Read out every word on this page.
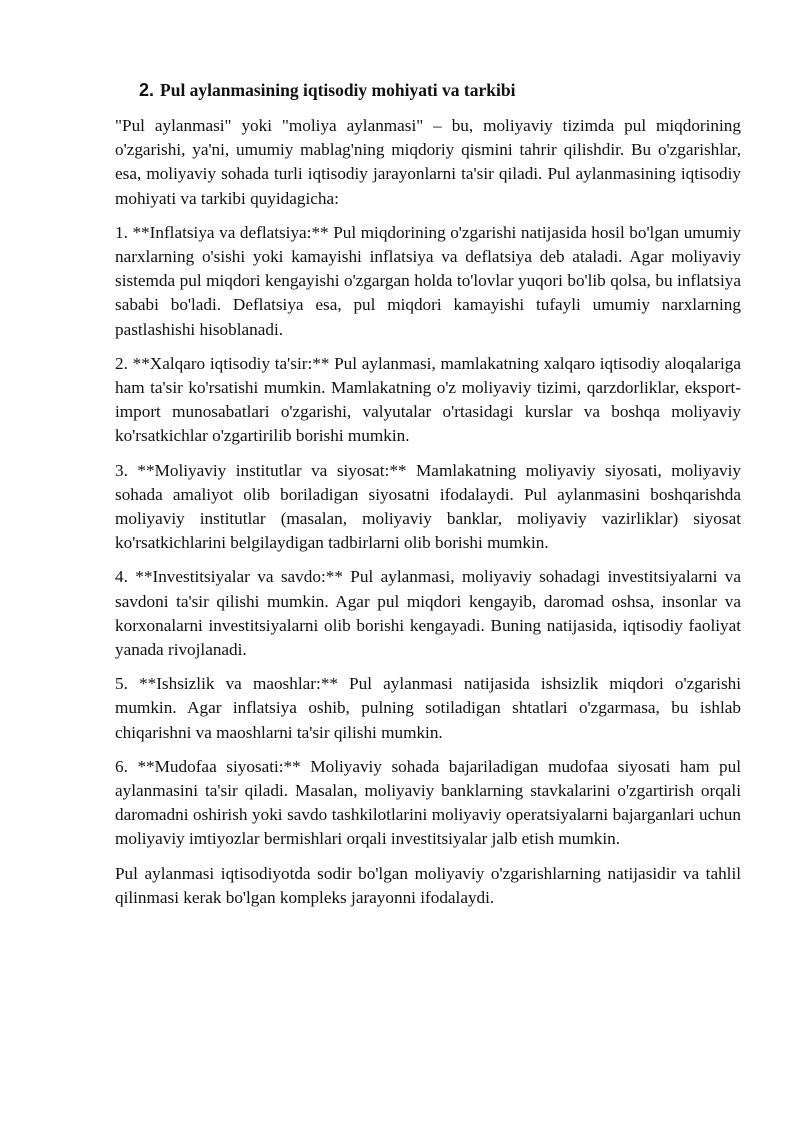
2. Pul aylanmasining iqtisodiy mohiyati va tarkibi

"Pul aylanmasi" yoki "moliya aylanmasi" – bu, moliyaviy tizimda pul miqdorining o'zgarishi, ya'ni, umumiy mablag'ning miqdoriy qismini tahrir qilishdir. Bu o'zgarishlar, esa, moliyaviy sohada turli iqtisodiy jarayonlarni ta'sir qiladi. Pul aylanmasining iqtisodiy mohiyati va tarkibi quyidagicha:

1. **Inflatsiya va deflatsiya:** Pul miqdorining o'zgarishi natijasida hosil bo'lgan umumiy narxlarning o'sishi yoki kamayishi inflatsiya va deflatsiya deb ataladi. Agar moliyaviy sistemda pul miqdori kengayishi o'zgargan holda to'lovlar yuqori bo'lib qolsa, bu inflatsiya sababi bo'ladi. Deflatsiya esa, pul miqdori kamayishi tufayli umumiy narxlarning pastlashishi hisoblanadi.

2. **Xalqaro iqtisodiy ta'sir:** Pul aylanmasi, mamlakatning xalqaro iqtisodiy aloqalariga ham ta'sir ko'rsatishi mumkin. Mamlakatning o'z moliyaviy tizimi, qarzdorliklar, eksport-import munosabatlari o'zgarishi, valyutalar o'rtasidagi kurslar va boshqa moliyaviy ko'rsatkichlar o'zgartirilib borishi mumkin.

3. **Moliyaviy institutlar va siyosat:** Mamlakatning moliyaviy siyosati, moliyaviy sohada amaliyot olib boriladigan siyosatni ifodalaydi. Pul aylanmasini boshqarishda moliyaviy institutlar (masalan, moliyaviy banklar, moliyaviy vazirliklar) siyosat ko'rsatkichlarini belgilaydigan tadbirlarni olib borishi mumkin.

4. **Investitsiyalar va savdo:** Pul aylanmasi, moliyaviy sohadagi investitsiyalarni va savdoni ta'sir qilishi mumkin. Agar pul miqdori kengayib, daromad oshsa, insonlar va korxonalarni investitsiyalarni olib borishi kengayadi. Buning natijasida, iqtisodiy faoliyat yanada rivojlanadi.

5. **Ishsizlik va maoshlar:** Pul aylanmasi natijasida ishsizlik miqdori o'zgarishi mumkin. Agar inflatsiya oshib, pulning sotiladigan shtatlari o'zgarmasa, bu ishlab chiqarishni va maoshlarni ta'sir qilishi mumkin.

6. **Mudofaa siyosati:** Moliyaviy sohada bajariladigan mudofaa siyosati ham pul aylanmasini ta'sir qiladi. Masalan, moliyaviy banklarning stavkalarini o'zgartirish orqali daromadni oshirish yoki savdo tashkilotlarini moliyaviy operatsiyalarni bajarganlari uchun moliyaviy imtiyozlar bermishlari orqali investitsiyalar jalb etish mumkin.

Pul aylanmasi iqtisodiyotda sodir bo'lgan moliyaviy o'zgarishlarning natijasidir va tahlil qilinmasi kerak bo'lgan kompleks jarayonni ifodalaydi.
